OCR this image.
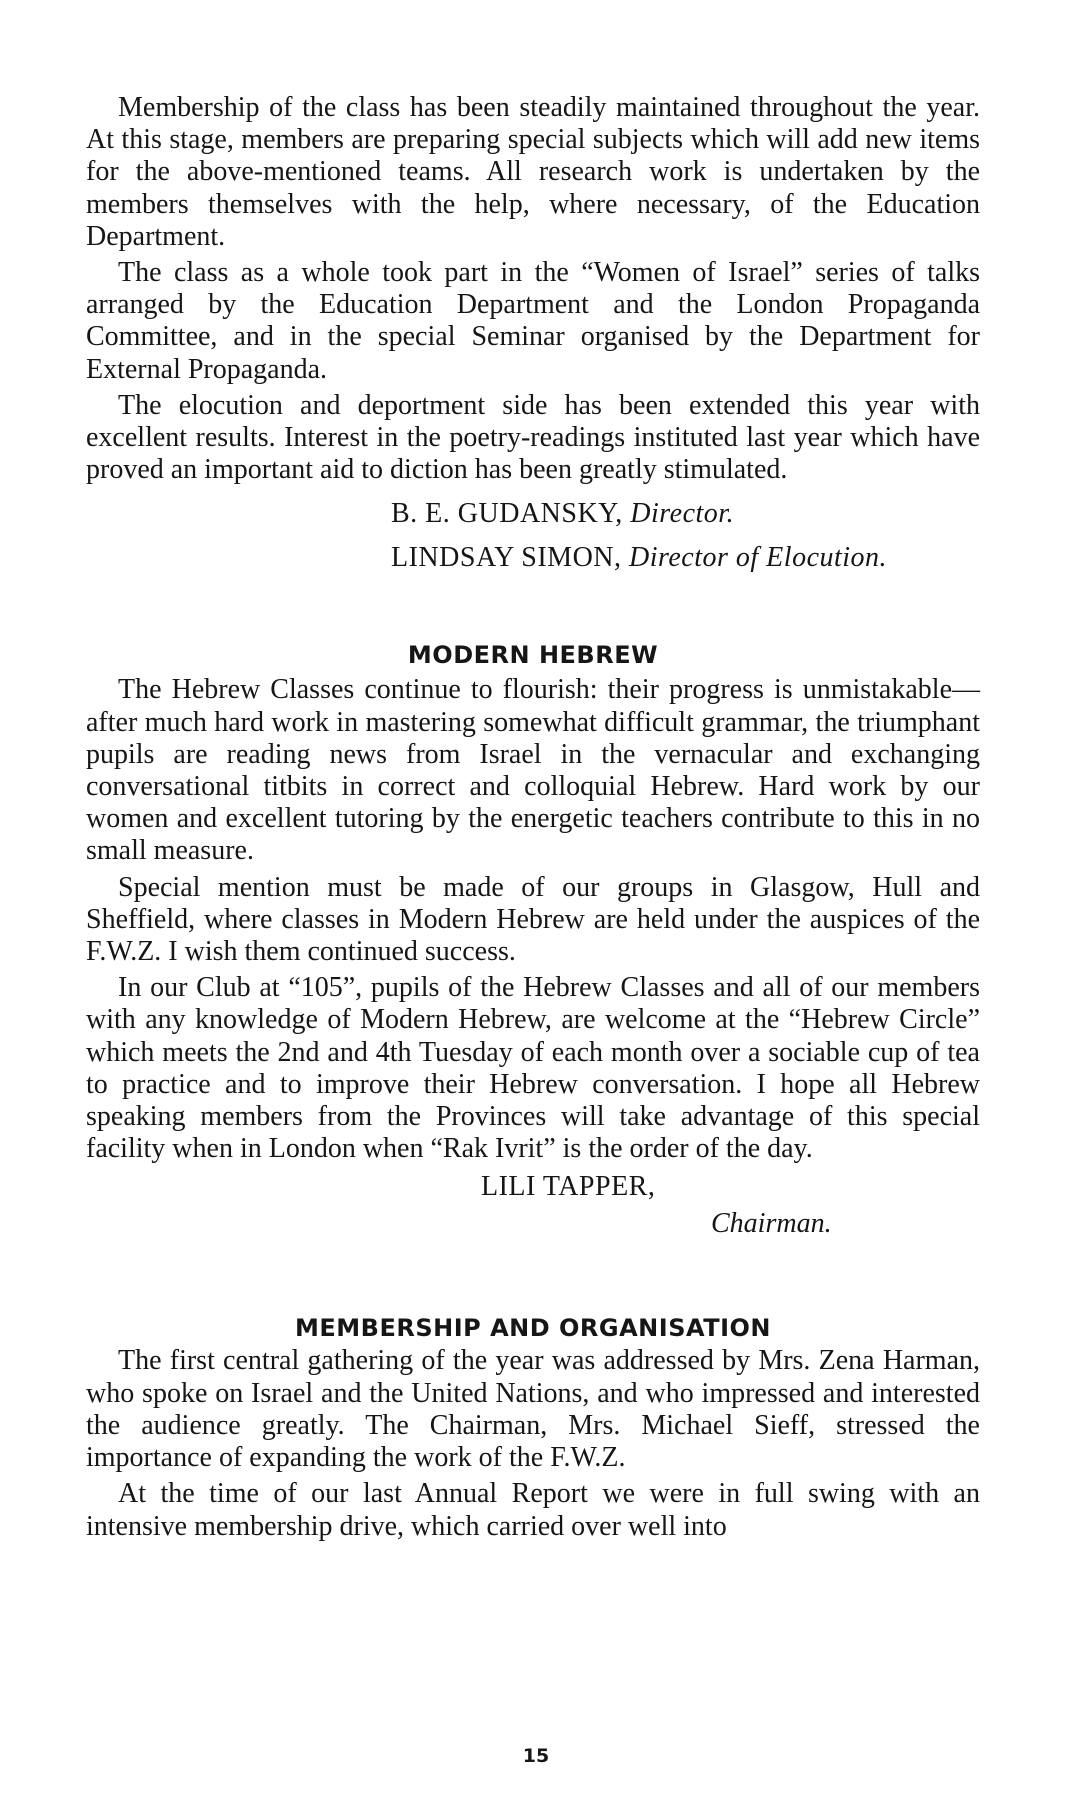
Membership of the class has been steadily maintained throughout the year. At this stage, members are preparing special subjects which will add new items for the above-mentioned teams. All research work is undertaken by the members themselves with the help, where necessary, of the Education Department.

The class as a whole took part in the “Women of Israel” series of talks arranged by the Education Department and the London Propaganda Committee, and in the special Seminar organised by the Department for External Propaganda.

The elocution and deportment side has been extended this year with excellent results. Interest in the poetry-readings instituted last year which have proved an important aid to diction has been greatly stimulated.

B. E. GUDANSKY, Director.
LINDSAY SIMON, Director of Elocution.
MODERN HEBREW

The Hebrew Classes continue to flourish: their progress is unmistakable—after much hard work in mastering somewhat difficult grammar, the triumphant pupils are reading news from Israel in the vernacular and exchanging conversational titbits in correct and colloquial Hebrew. Hard work by our women and excellent tutoring by the energetic teachers contribute to this in no small measure.

Special mention must be made of our groups in Glasgow, Hull and Sheffield, where classes in Modern Hebrew are held under the auspices of the F.W.Z. I wish them continued success.

In our Club at “105”, pupils of the Hebrew Classes and all of our members with any knowledge of Modern Hebrew, are welcome at the “Hebrew Circle” which meets the 2nd and 4th Tuesday of each month over a sociable cup of tea to practice and to improve their Hebrew conversation. I hope all Hebrew speaking members from the Provinces will take advantage of this special facility when in London when “Rak Ivrit” is the order of the day.

LILI TAPPER,
Chairman.
MEMBERSHIP AND ORGANISATION

The first central gathering of the year was addressed by Mrs. Zena Harman, who spoke on Israel and the United Nations, and who impressed and interested the audience greatly. The Chairman, Mrs. Michael Sieff, stressed the importance of expanding the work of the F.W.Z.

At the time of our last Annual Report we were in full swing with an intensive membership drive, which carried over well into

15
